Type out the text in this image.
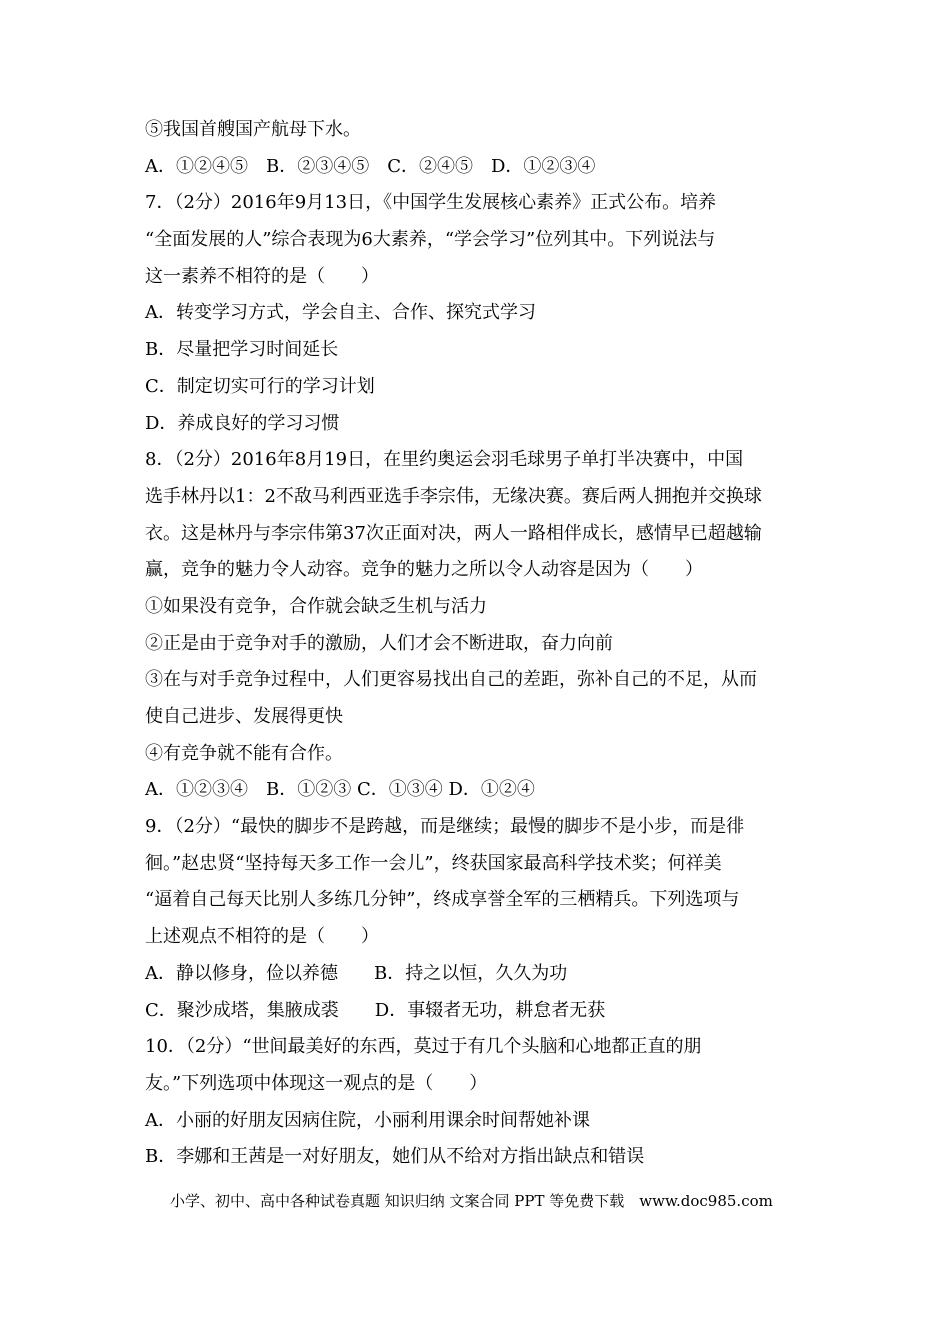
⑤我国首艘国产航母下水。
A．①②④⑤　B．②③④⑤　C．②④⑤　D．①②③④
7．（2分）2016年9月13日，《中国学生发展核心素养》正式公布。培养
“全面发展的人”综合表现为6大素养，“学会学习”位列其中。下列说法与
这一素养不相符的是（　　）
A．转变学习方式，学会自主、合作、探究式学习
B．尽量把学习时间延长
C．制定切实可行的学习计划
D．养成良好的学习习惯
8．（2分）2016年8月19日，在里约奥运会羽毛球男子单打半决赛中，中国
选手林丹以1：2不敌马利西亚选手李宗伟，无缘决赛。赛后两人拥抱并交换球
衣。这是林丹与李宗伟第37次正面对决，两人一路相伴成长，感情早已超越输
赢，竞争的魅力令人动容。竞争的魅力之所以令人动容是因为（　　）
①如果没有竞争，合作就会缺乏生机与活力
②正是由于竞争对手的激励，人们才会不断进取，奋力向前
③在与对手竞争过程中，人们更容易找出自己的差距，弥补自己的不足，从而
使自己进步、发展得更快
④有竞争就不能有合作。
A．①②③④　B．①②③ C．①③④ D．①②④
9．（2分）“最快的脚步不是跨越，而是继续；最慢的脚步不是小步，而是徘
徊。”赵忠贤“坚持每天多工作一会儿”，终获国家最高科学技术奖；何祥美
“逼着自己每天比别人多练几分钟”，终成享誉全军的三栖精兵。下列选项与
上述观点不相符的是（　　）
A．静以修身，俭以养德　　B．持之以恒，久久为功
C．聚沙成塔，集腋成裘　　D．事辍者无功，耕怠者无获
10．（2分）“世间最美好的东西，莫过于有几个头脑和心地都正直的朋
友。”下列选项中体现这一观点的是（　　）
A．小丽的好朋友因病住院，小丽利用课余时间帮她补课
B．李娜和王茜是一对好朋友，她们从不给对方指出缺点和错误
小学、初中、高中各种试卷真题 知识归纳 文案合同 PPT 等免费下载　www.doc985.com
